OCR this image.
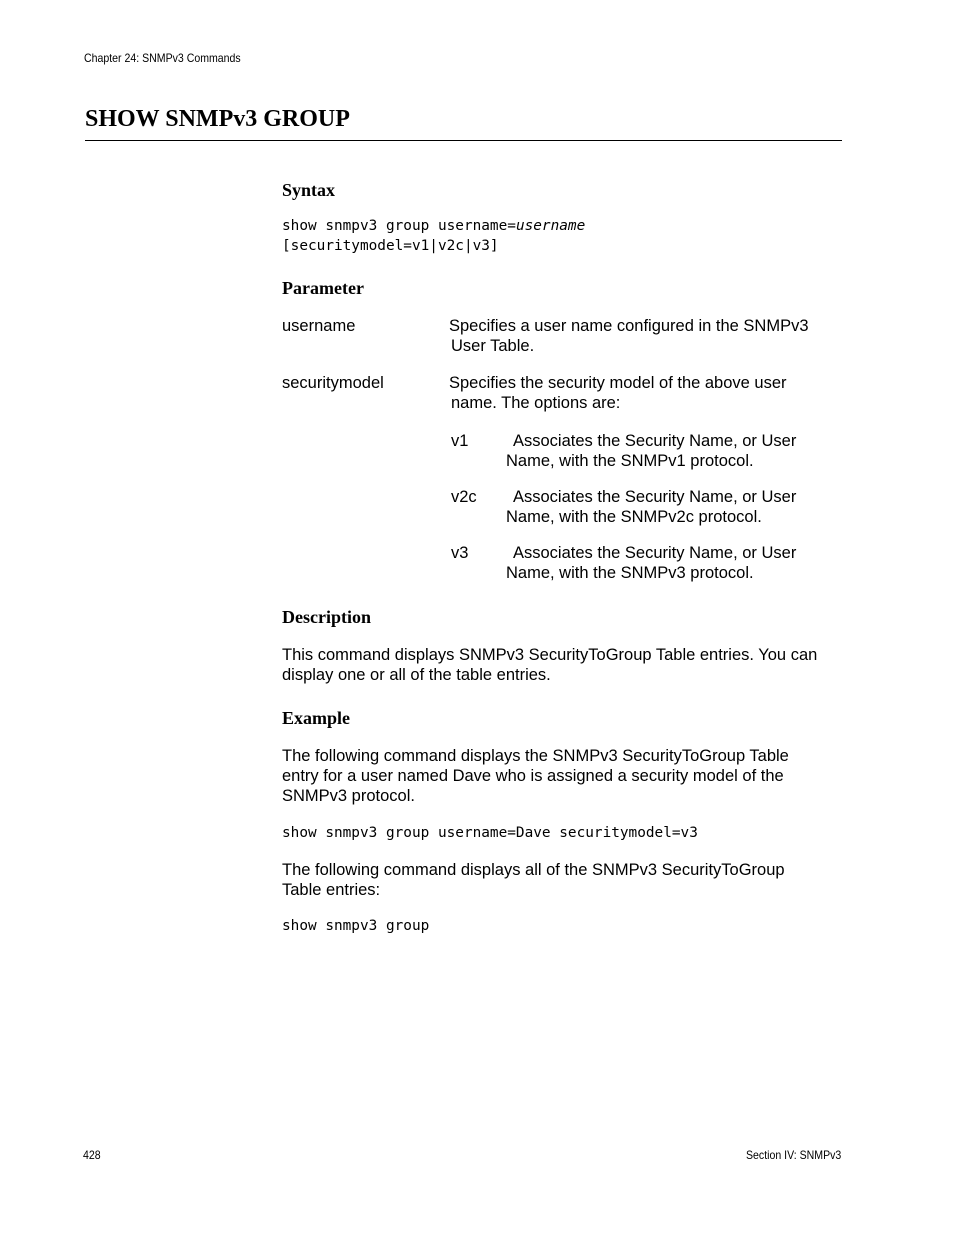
Chapter 24: SNMPv3 Commands
SHOW SNMPv3 GROUP
Syntax
show snmpv3 group username=username
[securitymodel=v1|v2c|v3]
Parameter
username	Specifies a user name configured in the SNMPv3 User Table.
securitymodel	Specifies the security model of the above user name. The options are:
v1	Associates the Security Name, or User Name, with the SNMPv1 protocol.
v2c	Associates the Security Name, or User Name, with the SNMPv2c protocol.
v3	Associates the Security Name, or User Name, with the SNMPv3 protocol.
Description
This command displays SNMPv3 SecurityToGroup Table entries. You can display one or all of the table entries.
Example
The following command displays the SNMPv3 SecurityToGroup Table entry for a user named Dave who is assigned a security model of the SNMPv3 protocol.
show snmpv3 group username=Dave securitymodel=v3
The following command displays all of the SNMPv3 SecurityToGroup Table entries:
show snmpv3 group
428	Section IV: SNMPv3
